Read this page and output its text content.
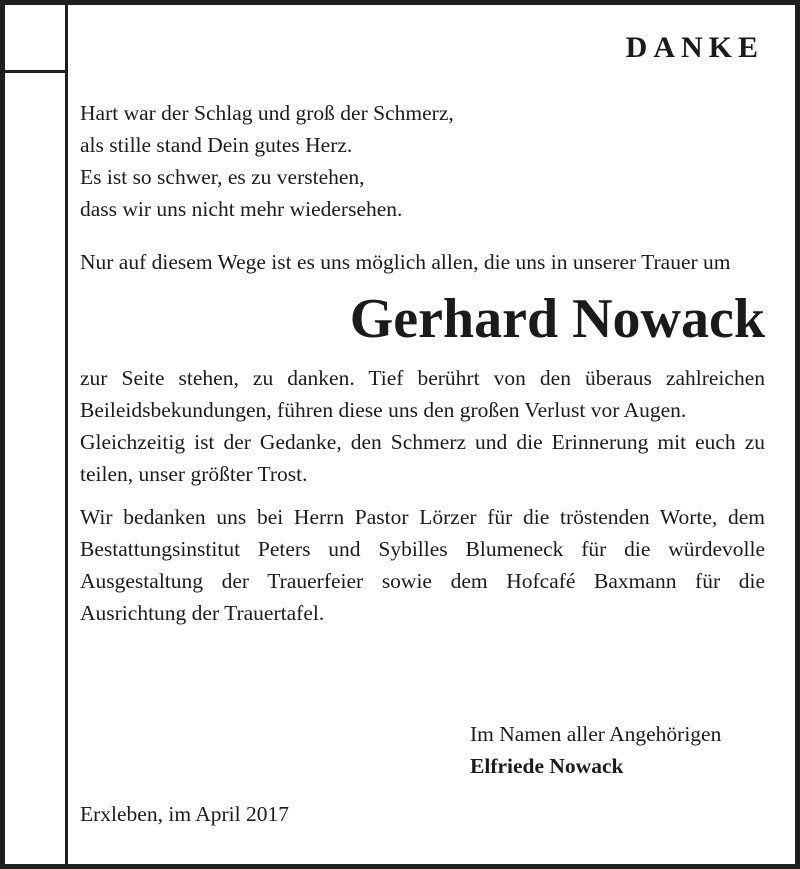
DANKE
Hart war der Schlag und groß der Schmerz,
als stille stand Dein gutes Herz.
Es ist so schwer, es zu verstehen,
dass wir uns nicht mehr wiedersehen.

Nur auf diesem Wege ist es uns möglich allen, die uns in unserer Trauer um

Gerhard Nowack

zur Seite stehen, zu danken. Tief berührt von den überaus zahlreichen Beileidsbekundungen, führen diese uns den großen Verlust vor Augen.

Gleichzeitig ist der Gedanke, den Schmerz und die Erinnerung mit euch zu teilen, unser größter Trost.

Wir bedanken uns bei Herrn Pastor Lörzer für die tröstenden Worte, dem Bestattungsinstitut Peters und Sybilles Blumeneck für die würdevolle Ausgestaltung der Trauerfeier sowie dem Hofcafé Baxmann für die Ausrichtung der Trauertafel.

Im Namen aller Angehörigen
Elfriede Nowack
Erxleben, im April 2017
